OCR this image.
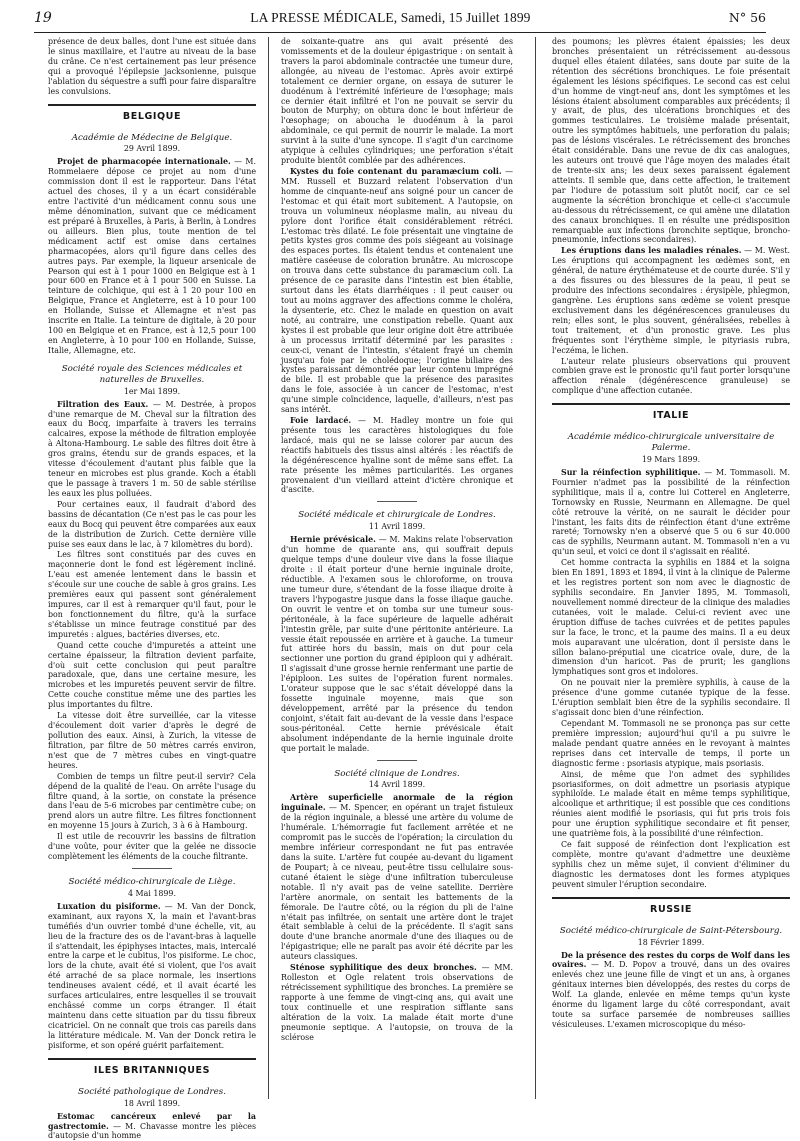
19	LA PRESSE MÉDICALE, Samedi, 15 Juillet 1899	N° 56

présence de deux balles, dont l'une est située dans le sinus maxillaire, et l'autre au niveau de la base du crâne. Ce n'est certainement pas leur présence qui a provoqué l'épilepsie jacksonienne, puisque l'ablation du séquestre a suffi pour faire disparaître les convulsions.

BELGIQUE
Académie de Médecine de Belgique.
29 Avril 1899.

Projet de pharmacopée internationale. — M. Rommelaere dépose ce projet au nom d'une commission dont il est le rapporteur. Dans l'état actuel des choses, il y a un écart considérable entre l'activité d'un médicament connu sous une même dénomination, suivant que ce médicament est préparé à Bruxelles, à Paris, à Berlin, à Londres ou ailleurs. Bien plus, toute mention de tel médicament actif est omise dans certaines pharmacopées, alors qu'il figure dans celles des autres pays. Par exemple, la liqueur arsenicale de Pearson qui est à 1 pour 1000 en Belgique est à 1 pour 600 en France et à 1 pour 500 en Suisse. La teinture de colchique, qui est à 1 20 pour 100 en Belgique, France et Angleterre, est à 10 pour 100 en Hollande, Suisse et Allemagne et n'est pas inscrite en Italie. La teinture de digitale, à 20 pour 100 en Belgique et en France, est à 12,5 pour 100 en Angleterre, à 10 pour 100 en Hollande, Suisse, Italie, Allemagne, etc.

Société royale des Sciences médicales et naturelles de Bruxelles.
1er Mai 1899.

Filtration des Eaux. — M. Destrée, à propos d'une remarque de M. Cheval sur la filtration des eaux du Bocq, imparfaite à travers les terrains calcaires, expose la méthode de filtration employée à Altona-Hambourg. Le sable des filtres doit être à gros grains, étendu sur de grands espaces, et la vitesse d'écoulement d'autant plus faible que la teneur en microbes est plus grande. Koch a établi que le passage à travers 1 m. 50 de sable stérilise les eaux les plus polluées.

Pour certaines eaux, il faudrait d'abord des bassins de décantation (Ce n'est pas le cas pour les eaux du Bocq qui peuvent être comparées aux eaux de la distribution de Zurich. Cette dernière ville puise ses eaux dans le lac, à 7 kilomètres du bord).

Les filtres sont constitués par des cuves en maçonnerie dont le fond est légèrement incliné. L'eau est amenée lentement dans le bassin et s'écoule sur une couche de sable à gros grains. Les premières eaux qui passent sont généralement impures, car il est à remarquer qu'il faut, pour le bon fonctionnement du filtre, qu'à la surface s'établisse un mince feutrage constitué par des impuretés : algues, bactéries diverses, etc.

Quand cette couche d'impuretés a atteint une certaine épaisseur, la filtration devient parfaite, d'où suit cette conclusion qui peut paraître paradoxale, que, dans une certaine mesure, les microbes et les impuretés peuvent servir de filtre. Cette couche constitue même une des parties les plus importantes du filtre.

La vitesse doit être surveillée, car la vitesse d'écoulement doit varier d'après le degré de pollution des eaux. Ainsi, à Zurich, la vitesse de filtration, par filtre de 50 mètres carrés environ, n'est que de 7 mètres cubes en vingt-quatre heures.

Combien de temps un filtre peut-il servir? Cela dépend de la qualité de l'eau. On arrête l'usage du filtre quand, à la sortie, on constate la présence dans l'eau de 5-6 microbes par centimètre cube; on prend alors un autre filtre. Les filtres fonctionnent en moyenne 15 jours à Zurich, 3 à 6 à Hambourg.

Il est utile de recouvrir les bassins de filtration d'une voûte, pour éviter que la gelée ne dissocie complètement les éléments de la couche filtrante.

Société médico-chirurgicale de Liège.
4 Mai 1899.

Luxation du pisiforme. — M. Van der Donck, examinant, aux rayons X, la main et l'avant-bras tuméfiés d'un ouvrier tombé d'une échelle, vit, au lieu de la fracture des os de l'avant-bras à laquelle il s'attendait, les épiphyses intactes, mais, intercalé entre la carpe et le cubitus, l'os pisiforme. Le choc, lors de la chute, avait été si violent, que l'os avait été arraché de sa place normale, les insertions tendineuses avaient cédé, et il avait écarté les surfaces articulaires, entre lesquelles il se trouvait enchâssé comme un corps étranger. Il était maintenu dans cette situation par du tissu fibreux cicatriciel. On ne connaît que trois cas pareils dans la littérature médicale. M. Van der Donck retira le pisiforme, et son opéré guérit parfaitement.

ILES BRITANNIQUES
Société pathologique de Londres.
18 Avril 1899.

Estomac cancéreux enlevé par la gastrectomie. — M. Chavasse montre les pièces d'autopsie d'un homme

de soixante-quatre ans qui avait présenté des vomissements et de la douleur épigastrique : on sentait à travers la paroi abdominale contractée une tumeur dure, allongée, au niveau de l'estomac. Après avoir extirpé totalement ce dernier organe, on essaya de suturer le duodénum à l'extrémité inférieure de l'œsophage; mais ce dernier était infiltré et l'on ne pouvait se servir du bouton de Murphy; on obtura donc le bout inférieur de l'œsophage; on aboucha le duodénum à la paroi abdominale, ce qui permit de nourrir le malade. La mort survint à la suite d'une syncope. Il s'agit d'un carcinome atypique à cellules cylindriques; une perforation s'était produite bientôt comblée par des adhérences.

Kystes du foie contenant du paramæcium coli. — MM. Russell et Buzzard relatent l'observation d'un homme de cinquante-neuf ans soigné pour un cancer de l'estomac et qui était mort subitement. A l'autopsie, on trouva un volumineux néoplasme malin, au niveau du pylore dont l'orifice était considérablement rétréci. L'estomac très dilaté. Le foie présentait une vingtaine de petits kystes gros comme des pois siégeant au voisinage des espaces portes. Ils étaient tendus et contenaient une matière caséeuse de coloration brunâtre. Au microscope on trouva dans cette substance du paramæcium coli. La présence de ce parasite dans l'intestin est bien établie, surtout dans les états diarrhéiques : il peut causer ou tout au moins aggraver des affections comme le choléra, la dysenterie, etc. Chez le malade en question on avait noté, au contraire, une constipation rebelle. Quant aux kystes il est probable que leur origine doit être attribuée à un processus irritatif déterminé par les parasites : ceux-ci, venant de l'intestin, s'étaient frayé un chemin jusqu'au foie par le cholédoque; l'origine biliaire des kystes paraissant démontrée par leur contenu imprégné de bile. Il est probable que la présence des parasites dans le foie, associée à un cancer de l'estomac, n'est qu'une simple coïncidence, laquelle, d'ailleurs, n'est pas sans intérêt.

Foie lardacé. — M. Hadley montre un foie qui présente tous les caractères histologiques du foie lardacé, mais qui ne se laisse colorer par aucun des réactifs habituels des tissus ainsi altérés : les réactifs de la dégénérescence hyaline sont de même sans effet. La rate présente les mêmes particularités. Les organes provenaient d'un vieillard atteint d'ictère chronique et d'ascite.

Société médicale et chirurgicale de Londres.
11 Avril 1899.

Hernie prévésicale. — M. Makins relate l'observation d'un homme de quarante ans, qui souffrait depuis quelque temps d'une douleur vive dans la fosse iliaque droite : il était porteur d'une hernie inguinale droite, réductible. A l'examen sous le chloroforme, on trouva une tumeur dure, s'étendant de la fosse iliaque droite à travers l'hypogastre jusque dans la fosse iliaque gauche. On ouvrit le ventre et on tomba sur une tumeur sous-péritonéale, à la face supérieure de laquelle adhérait l'intestin grêle, par suite d'une péritonite antérieure. La vessie était repoussée en arrière et à gauche. La tumeur fut attirée hors du bassin, mais on dut pour cela sectionner une portion du grand épiploon qui y adhérait. Il s'agissait d'une grosse hernie renfermant une partie de l'épiploon. Les suites de l'opération furent normales. L'orateur suppose que le sac s'était développé dans la fossette inguinale moyenne, mais que son développement, arrêté par la présence du tendon conjoint, s'était fait au-devant de la vessie dans l'espace sous-péritonéal. Cette hernie prévésicale était absolument indépendante de la hernie inguinale droite que portait le malade.

Société clinique de Londres.
14 Avril 1899.

Artère superficielle anormale de la région inguinale. — M. Spencer, en opérant un trajet fistuleux de la région inguinale, a blessé une artère du volume de l'humérale. L'hémorragie fut facilement arrêtée et ne compromit pas le succès de l'opération; la circulation du membre inférieur correspondant ne fut pas entravée dans la suite. L'artère fut coupée au-devant du ligament de Poupart; à ce niveau, peut-être tissu cellulaire sous-cutané étaient le siège d'une infiltration tuberculeuse notable. Il n'y avait pas de veine satellite. Derrière l'artère anormale, on sentait les battements de la fémorale. De l'autre côté, ou la région du pli de l'aine n'était pas infiltrée, on sentait une artère dont le trajet était semblable à celui de la précédente. Il s'agit sans doute d'une branche anormale d'une des iliaques ou de l'épigastrique; elle ne paraît pas avoir été décrite par les auteurs classiques.

Sténose syphilitique des deux bronches. — MM. Rolleston et Ogle relatent trois observations de rétrécissement syphilitique des bronches. La première se rapporte à une femme de vingt-cinq ans, qui avait une toux continuelle et une respiration sifflante sans altération de la voix. La malade était morte d'une pneumonie septique. A l'autopsie, on trouva de la sclérose

des poumons; les plèvres étaient épaissies; les deux bronches présentaient un rétrécissement au-dessous duquel elles étaient dilatées, sans doute par suite de la rétention des sécrétions bronchiques. Le foie présentait également les lésions spécifiques. Le second cas est celui d'un homme de vingt-neuf ans, dont les symptômes et les lésions étaient absolument comparables aux précédents; il y avait, de plus, des ulcérations bronchiques et des gommes testiculaires. Le troisième malade présentait, outre les symptômes habituels, une perforation du palais; pas de lésions viscérales. Le rétrécissement des bronches était considérable. Dans une revue de dix cas analogues, les auteurs ont trouvé que l'âge moyen des malades était de trente-six ans; les deux sexes paraissent également atteints. Il semble que, dans cette affection, le traitement par l'iodure de potassium soit plutôt nocif, car ce sel augmente la sécrétion bronchique et celle-ci s'accumule au-dessous du rétrécissement, ce qui amène une dilatation des canaux bronchiques. Il en résulte une prédisposition remarquable aux infections (bronchite septique, broncho-pneumonie, infections secondaires).

Les éruptions dans les maladies rénales. — M. West. Les éruptions qui accompagnent les œdèmes sont, en général, de nature érythémateuse et de courte durée. S'il y a des fissures ou des blessures de la peau, il peut se produire des infections secondaires : érysipèle, phlegmon, gangrène. Les éruptions sans œdème se voient presque exclusivement dans les dégénérescences granuleuses du rein; elles sont, le plus souvent, généralisées, rebelles à tout traitement, et d'un pronostic grave. Les plus fréquentes sont l'érythème simple, le pityriasis rubra, l'eczéma, le lichen.

L'auteur relate plusieurs observations qui prouvent combien grave est le pronostic qu'il faut porter lorsqu'une affection rénale (dégénérescence granuleuse) se complique d'une affection cutanée.

ITALIE
Académie médico-chirurgicale universitaire de Palerme.
19 Mars 1899.

Sur la réinfection syphilitique. — M. Tommasoli. M. Fournier n'admet pas la possibilité de la réinfection syphilitique, mais il a, contre lui Cotterel en Angleterre, Tornowsky en Russie, Neurmann en Allemagne. De quel côté retrouve la vérité, on ne saurait le décider pour l'instant, les faits dits de réinfection étant d'une extrême rareté; Tornowsky n'en a observé que 5 ou 6 sur 40.000 cas de syphilis, Neurmann autant. M. Tommasoli n'en a vu qu'un seul, et voici ce dont il s'agissait en réalité.

Cet homme contracta la syphilis en 1884 et la soigna bien En 1891, 1893 et 1894, il vint à la clinique de Palerme et les registres portent son nom avec le diagnostic de syphilis secondaire. En Janvier 1895, M. Tommasoli, nouvellement nommé directeur de la clinique des maladies cutanées, voit le malade. Celui-ci revient avec une éruption diffuse de taches cuivrées et de petites papules sur la face, le tronc, et la paume des mains. Il a eu deux mois auparavant une ulcération, dont il persiste dans le sillon balano-préputial une cicatrice ovale, dure, de la dimension d'un haricot. Pas de prurit; les ganglions lymphatiques sont gros et indolores.

On ne pouvait nier la première syphilis, à cause de la présence d'une gomme cutanée typique de la fesse. L'éruption semblait bien être de la syphilis secondaire. Il s'agissait donc bien d'une réinfection.

Cependant M. Tommasoli ne se prononça pas sur cette première impression; aujourd'hui qu'il a pu suivre le malade pendant quatre années en le revoyant à maintes reprises dans cet intervalle de temps, il porte un diagnostic ferme : psoriasis atypique, mais psoriasis.

Ainsi, de même que l'on admet des syphilides psoriasiformes, on doit admettre un psoriasis atypique syphiloïde. Le malade était en même temps syphilitique, alcoolique et arthritique; il est possible que ces conditions réunies aient modifié le psoriasis, qui fut pris trois fois pour une éruption syphilitique secondaire et fit penser, une quatrième fois, à la possibilité d'une réinfection.

Ce fait supposé de réinfection dont l'explication est complète, montre qu'avant d'admettre une deuxième syphilis chez un même sujet, il convient d'éliminer du diagnostic les dermatoses dont les formes atypiques peuvent simuler l'éruption secondaire.

RUSSIE
Société médico-chirurgicale de Saint-Pétersbourg.
18 Février 1899.

De la présence des restes du corps de Wolf dans les ovaires. — M. D. Popov a trouvé, dans un des ovaires enlevés chez une jeune fille de vingt et un ans, à organes génitaux internes bien développés, des restes du corps de Wolf. La glande, enlevée en même temps qu'un kyste énorme du ligament large du côté correspondant, avait toute sa surface parsemée de nombreuses saillies vésiculeuses. L'examen microscopique du méso-
